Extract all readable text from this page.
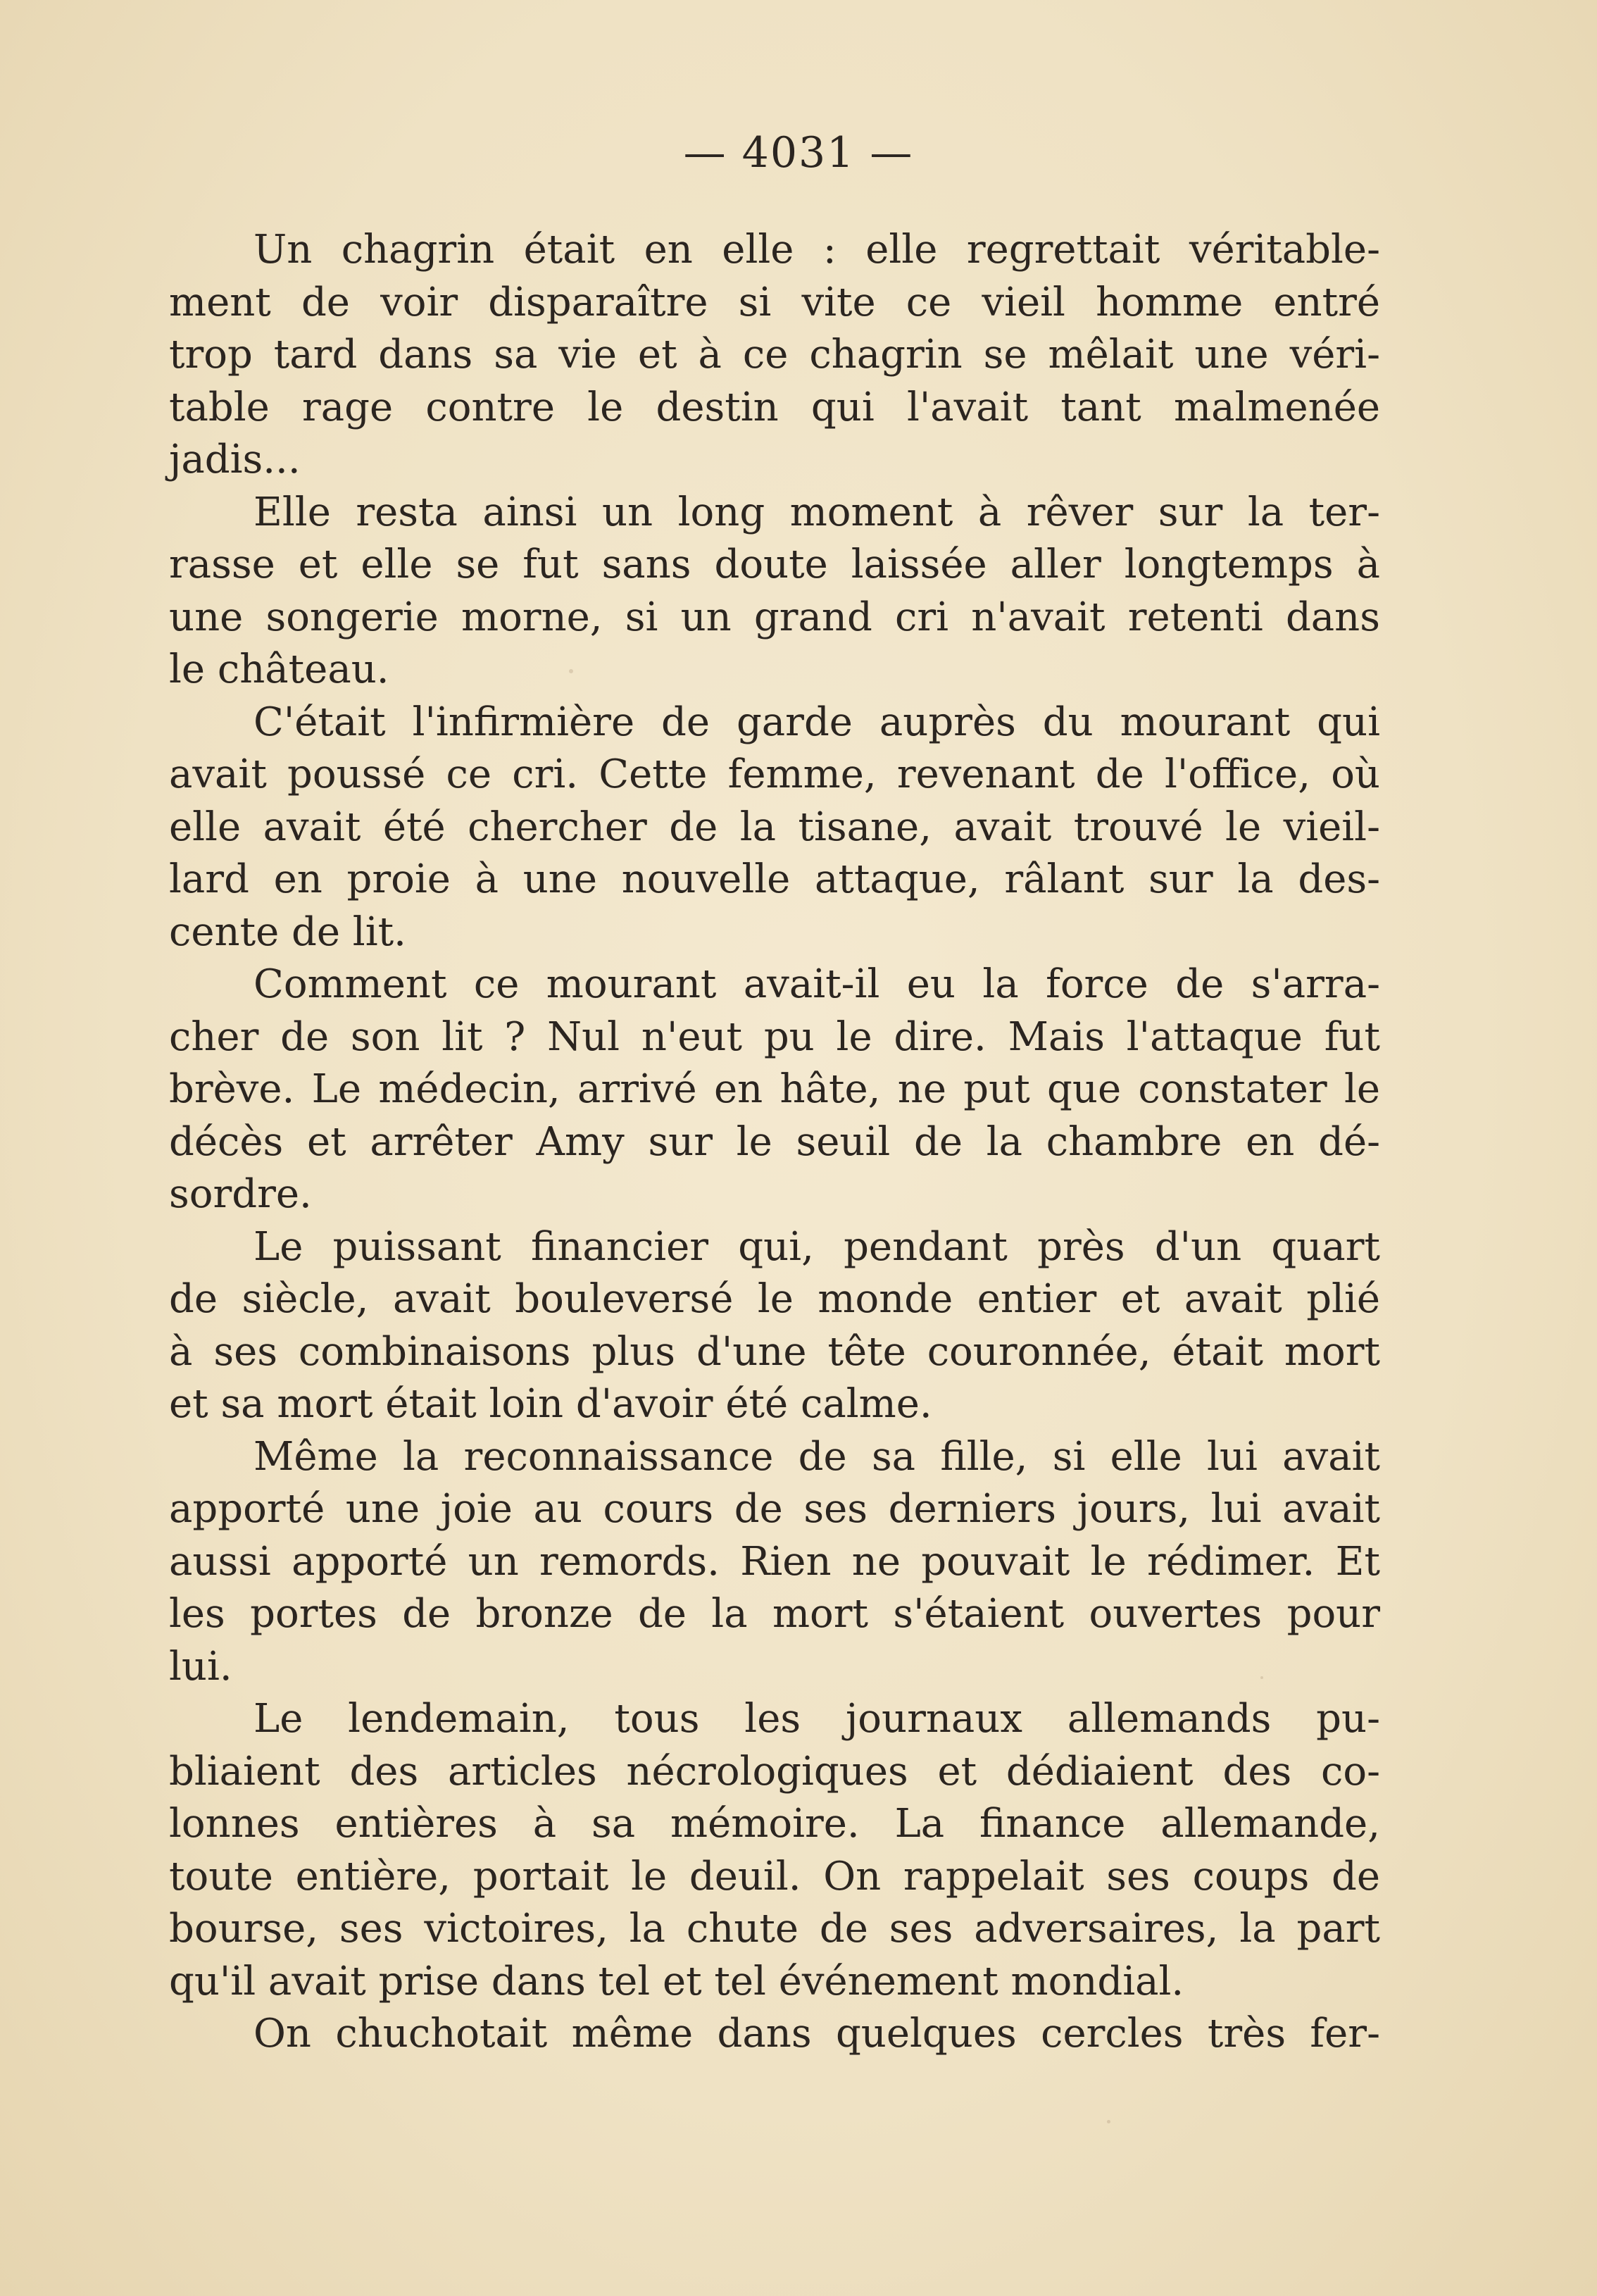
— 4031 —

Un chagrin était en elle : elle regrettait véritable-
ment de voir disparaître si vite ce vieil homme entré
trop tard dans sa vie et à ce chagrin se mêlait une véri-
table rage contre le destin qui l'avait tant malmenée
jadis...

Elle resta ainsi un long moment à rêver sur la ter-
rasse et elle se fut sans doute laissée aller longtemps à
une songerie morne, si un grand cri n'avait retenti dans
le château.

C'était l'infirmière de garde auprès du mourant qui
avait poussé ce cri. Cette femme, revenant de l'office, où
elle avait été chercher de la tisane, avait trouvé le vieil-
lard en proie à une nouvelle attaque, râlant sur la des-
cente de lit.

Comment ce mourant avait-il eu la force de s'arra-
cher de son lit ? Nul n'eut pu le dire. Mais l'attaque fut
brève. Le médecin, arrivé en hâte, ne put que constater le
décès et arrêter Amy sur le seuil de la chambre en dé-
sordre.

Le puissant financier qui, pendant près d'un quart
de siècle, avait bouleversé le monde entier et avait plié
à ses combinaisons plus d'une tête couronnée, était mort
et sa mort était loin d'avoir été calme.

Même la reconnaissance de sa fille, si elle lui avait
apporté une joie au cours de ses derniers jours, lui avait
aussi apporté un remords. Rien ne pouvait le rédimer. Et
les portes de bronze de la mort s'étaient ouvertes pour
lui.

Le lendemain, tous les journaux allemands pu-
bliaient des articles nécrologiques et dédiaient des co-
lonnes entières à sa mémoire. La finance allemande,
toute entière, portait le deuil. On rappelait ses coups de
bourse, ses victoires, la chute de ses adversaires, la part
qu'il avait prise dans tel et tel événement mondial.

On chuchotait même dans quelques cercles très fer-
